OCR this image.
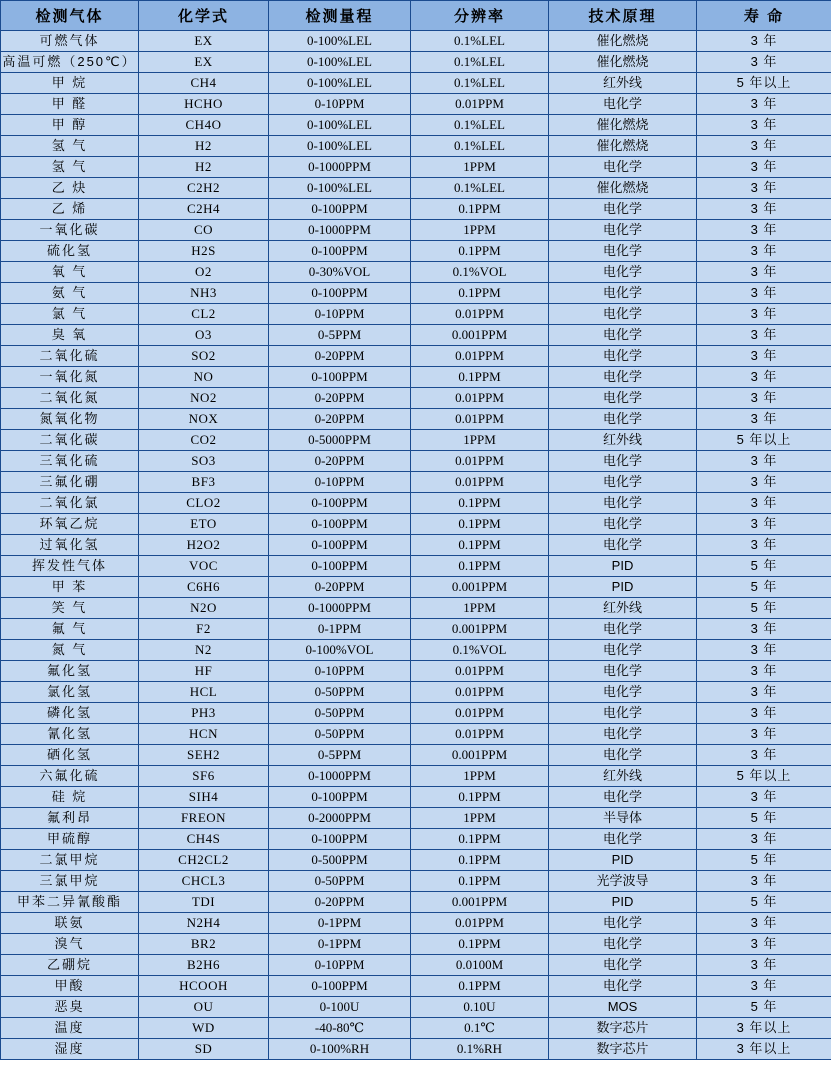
检测气体	化学式	检测量程	分辨率	技术原理	寿 命
可燃气体	EX	0-100%LEL	0.1%LEL	催化燃烧	3 年
高温可燃（250℃）	EX	0-100%LEL	0.1%LEL	催化燃烧	3 年
甲 烷	CH4	0-100%LEL	0.1%LEL	红外线	5 年以上
甲 醛	HCHO	0-10PPM	0.01PPM	电化学	3 年
甲 醇	CH4O	0-100%LEL	0.1%LEL	催化燃烧	3 年
氢 气	H2	0-100%LEL	0.1%LEL	催化燃烧	3 年
氢 气	H2	0-1000PPM	1PPM	电化学	3 年
乙 炔	C2H2	0-100%LEL	0.1%LEL	催化燃烧	3 年
乙 烯	C2H4	0-100PPM	0.1PPM	电化学	3 年
一氧化碳	CO	0-1000PPM	1PPM	电化学	3 年
硫化氢	H2S	0-100PPM	0.1PPM	电化学	3 年
氧 气	O2	0-30%VOL	0.1%VOL	电化学	3 年
氨 气	NH3	0-100PPM	0.1PPM	电化学	3 年
氯 气	CL2	0-10PPM	0.01PPM	电化学	3 年
臭 氧	O3	0-5PPM	0.001PPM	电化学	3 年
二氧化硫	SO2	0-20PPM	0.01PPM	电化学	3 年
一氧化氮	NO	0-100PPM	0.1PPM	电化学	3 年
二氧化氮	NO2	0-20PPM	0.01PPM	电化学	3 年
氮氧化物	NOX	0-20PPM	0.01PPM	电化学	3 年
二氧化碳	CO2	0-5000PPM	1PPM	红外线	5 年以上
三氧化硫	SO3	0-20PPM	0.01PPM	电化学	3 年
三氟化硼	BF3	0-10PPM	0.01PPM	电化学	3 年
二氧化氯	CLO2	0-100PPM	0.1PPM	电化学	3 年
环氧乙烷	ETO	0-100PPM	0.1PPM	电化学	3 年
过氧化氢	H2O2	0-100PPM	0.1PPM	电化学	3 年
挥发性气体	VOC	0-100PPM	0.1PPM	PID	5 年
甲 苯	C6H6	0-20PPM	0.001PPM	PID	5 年
笑 气	N2O	0-1000PPM	1PPM	红外线	5 年
氟 气	F2	0-1PPM	0.001PPM	电化学	3 年
氮 气	N2	0-100%VOL	0.1%VOL	电化学	3 年
氟化氢	HF	0-10PPM	0.01PPM	电化学	3 年
氯化氢	HCL	0-50PPM	0.01PPM	电化学	3 年
磷化氢	PH3	0-50PPM	0.01PPM	电化学	3 年
氰化氢	HCN	0-50PPM	0.01PPM	电化学	3 年
硒化氢	SEH2	0-5PPM	0.001PPM	电化学	3 年
六氟化硫	SF6	0-1000PPM	1PPM	红外线	5 年以上
硅 烷	SIH4	0-100PPM	0.1PPM	电化学	3 年
氟利昂	FREON	0-2000PPM	1PPM	半导体	5 年
甲硫醇	CH4S	0-100PPM	0.1PPM	电化学	3 年
二氯甲烷	CH2CL2	0-500PPM	0.1PPM	PID	5 年
三氯甲烷	CHCL3	0-50PPM	0.1PPM	光学波导	3 年
甲苯二异氰酸酯	TDI	0-20PPM	0.001PPM	PID	5 年
联氨	N2H4	0-1PPM	0.01PPM	电化学	3 年
溴气	BR2	0-1PPM	0.1PPM	电化学	3 年
乙硼烷	B2H6	0-10PPM	0.0100M	电化学	3 年
甲酸	HCOOH	0-100PPM	0.1PPM	电化学	3 年
恶臭	OU	0-100U	0.10U	MOS	5 年
温度	WD	-40-80℃	0.1℃	数字芯片	3 年以上
湿度	SD	0-100%RH	0.1%RH	数字芯片	3 年以上
